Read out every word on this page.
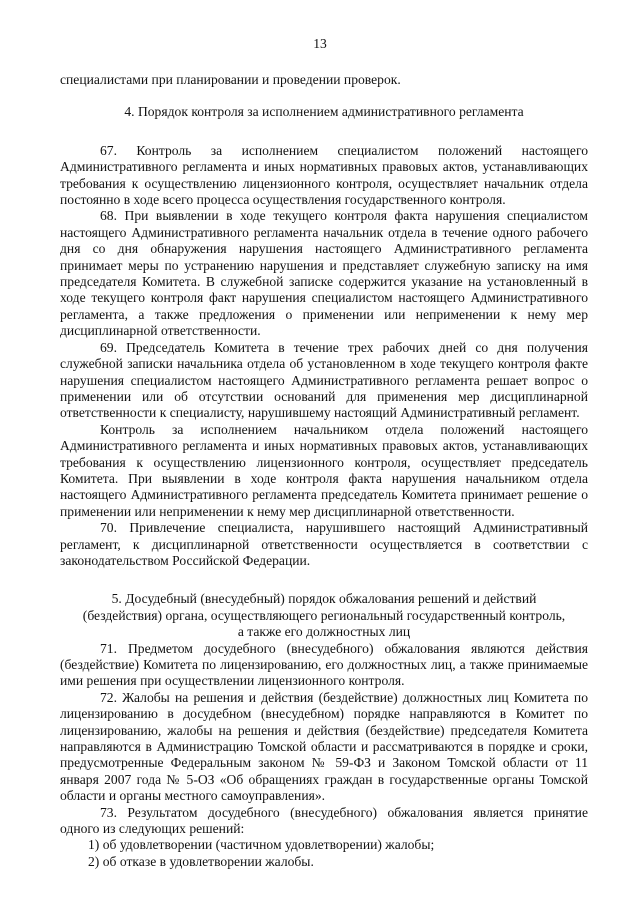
13

специалистами при планировании и проведении проверок.

4. Порядок контроля за исполнением административного регламента

67. Контроль за исполнением специалистом положений настоящего Административного регламента и иных нормативных правовых актов, устанавливающих требования к осуществлению лицензионного контроля, осуществляет начальник отдела постоянно в ходе всего процесса осуществления государственного контроля.

68. При выявлении в ходе текущего контроля факта нарушения специалистом настоящего Административного регламента начальник отдела в течение одного рабочего дня со дня обнаружения нарушения настоящего Административного регламента принимает меры по устранению нарушения и представляет служебную записку на имя председателя Комитета. В служебной записке содержится указание на установленный в ходе текущего контроля факт нарушения специалистом настоящего Административного регламента, а также предложения о применении или неприменении к нему мер дисциплинарной ответственности.

69. Председатель Комитета в течение трех рабочих дней со дня получения служебной записки начальника отдела об установленном в ходе текущего контроля факте нарушения специалистом настоящего Административного регламента решает вопрос о применении или об отсутствии оснований для применения мер дисциплинарной ответственности к специалисту, нарушившему настоящий Административный регламент.

Контроль за исполнением начальником отдела положений настоящего Административного регламента и иных нормативных правовых актов, устанавливающих требования к осуществлению лицензионного контроля, осуществляет председатель Комитета. При выявлении в ходе контроля факта нарушения начальником отдела настоящего Административного регламента председатель Комитета принимает решение о применении или неприменении к нему мер дисциплинарной ответственности.

70. Привлечение специалиста, нарушившего настоящий Административный регламент, к дисциплинарной ответственности осуществляется в соответствии с законодательством Российской Федерации.

5. Досудебный (внесудебный) порядок обжалования решений и действий
(бездействия) органа, осуществляющего региональный государственный контроль,
а также его должностных лиц

71. Предметом досудебного (внесудебного) обжалования являются действия (бездействие) Комитета по лицензированию, его должностных лиц, а также принимаемые ими решения при осуществлении лицензионного контроля.

72. Жалобы на решения и действия (бездействие) должностных лиц Комитета по лицензированию в досудебном (внесудебном) порядке направляются в Комитет по лицензированию, жалобы на решения и действия (бездействие) председателя Комитета направляются в Администрацию Томской области и рассматриваются в порядке и сроки, предусмотренные Федеральным законом № 59-ФЗ и Законом Томской области от 11 января 2007 года № 5-ОЗ «Об обращениях граждан в государственные органы Томской области и органы местного самоуправления».

73. Результатом досудебного (внесудебного) обжалования является принятие одного из следующих решений:

1) об удовлетворении (частичном удовлетворении) жалобы;

2) об отказе в удовлетворении жалобы.
